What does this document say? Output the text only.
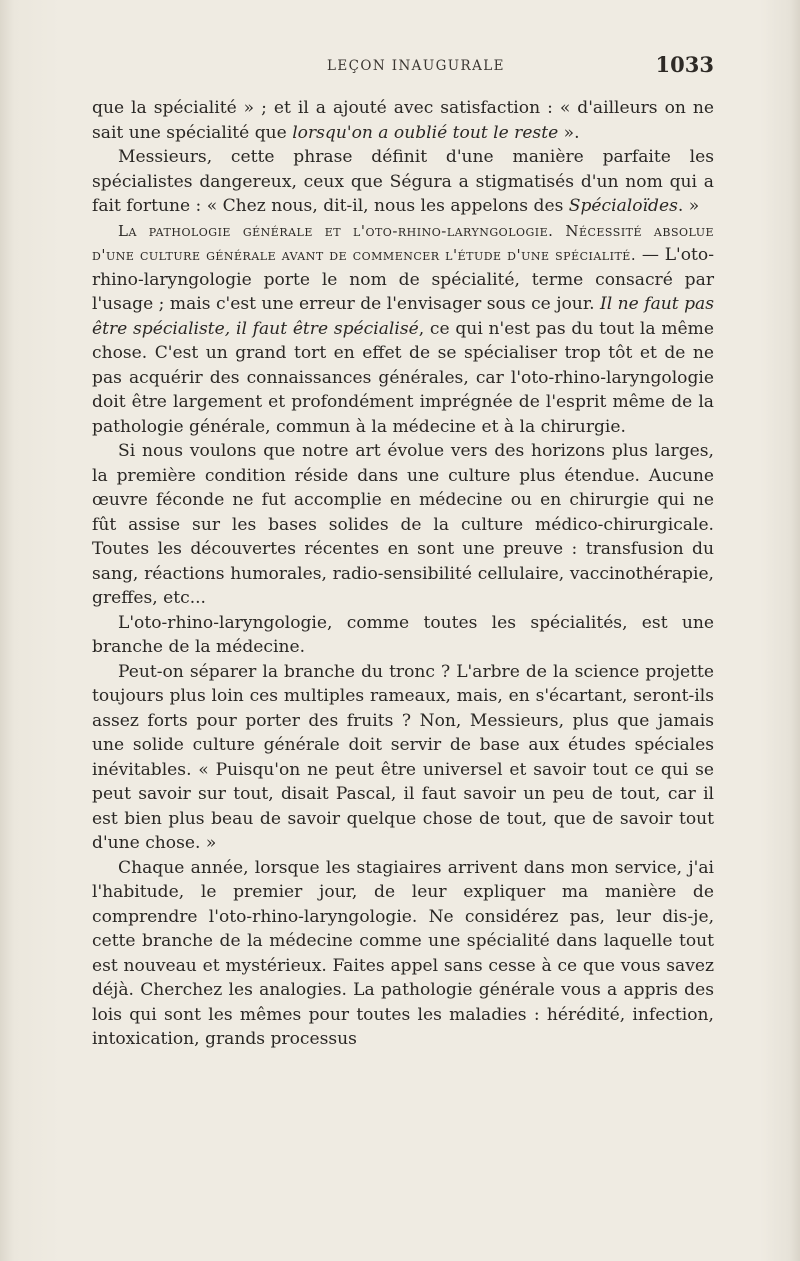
LEÇON INAUGURALE	1033

que la spécialité » ; et il a ajouté avec satisfaction : « d'ailleurs on ne sait une spécialité que lorsqu'on a oublié tout le reste ».

Messieurs, cette phrase définit d'une manière parfaite les spécialistes dangereux, ceux que Ségura a stigmatisés d'un nom qui a fait fortune : « Chez nous, dit-il, nous les appelons des Spécialoïdes. »

La pathologie générale et l'oto-rhino-laryngologie. Nécessité absolue d'une culture générale avant de commencer l'étude d'une spécialité. — L'oto-rhino-laryngologie porte le nom de spécialité, terme consacré par l'usage ; mais c'est une erreur de l'envisager sous ce jour. Il ne faut pas être spécialiste, il faut être spécialisé, ce qui n'est pas du tout la même chose. C'est un grand tort en effet de se spécialiser trop tôt et de ne pas acquérir des connaissances générales, car l'oto-rhino-laryngologie doit être largement et profondément imprégnée de l'esprit même de la pathologie générale, commun à la médecine et à la chirurgie.

Si nous voulons que notre art évolue vers des horizons plus larges, la première condition réside dans une culture plus étendue. Aucune œuvre féconde ne fut accomplie en médecine ou en chirurgie qui ne fût assise sur les bases solides de la culture médico-chirurgicale. Toutes les découvertes récentes en sont une preuve : transfusion du sang, réactions humorales, radio-sensibilité cellulaire, vaccinothérapie, greffes, etc...

L'oto-rhino-laryngologie, comme toutes les spécialités, est une branche de la médecine.

Peut-on séparer la branche du tronc ? L'arbre de la science projette toujours plus loin ces multiples rameaux, mais, en s'écartant, seront-ils assez forts pour porter des fruits ? Non, Messieurs, plus que jamais une solide culture générale doit servir de base aux études spéciales inévitables. « Puisqu'on ne peut être universel et savoir tout ce qui se peut savoir sur tout, disait Pascal, il faut savoir un peu de tout, car il est bien plus beau de savoir quelque chose de tout, que de savoir tout d'une chose. »

Chaque année, lorsque les stagiaires arrivent dans mon service, j'ai l'habitude, le premier jour, de leur expliquer ma manière de comprendre l'oto-rhino-laryngologie. Ne considérez pas, leur dis-je, cette branche de la médecine comme une spécialité dans laquelle tout est nouveau et mystérieux. Faites appel sans cesse à ce que vous savez déjà. Cherchez les analogies. La pathologie générale vous a appris des lois qui sont les mêmes pour toutes les maladies : hérédité, infection, intoxication, grands processus
